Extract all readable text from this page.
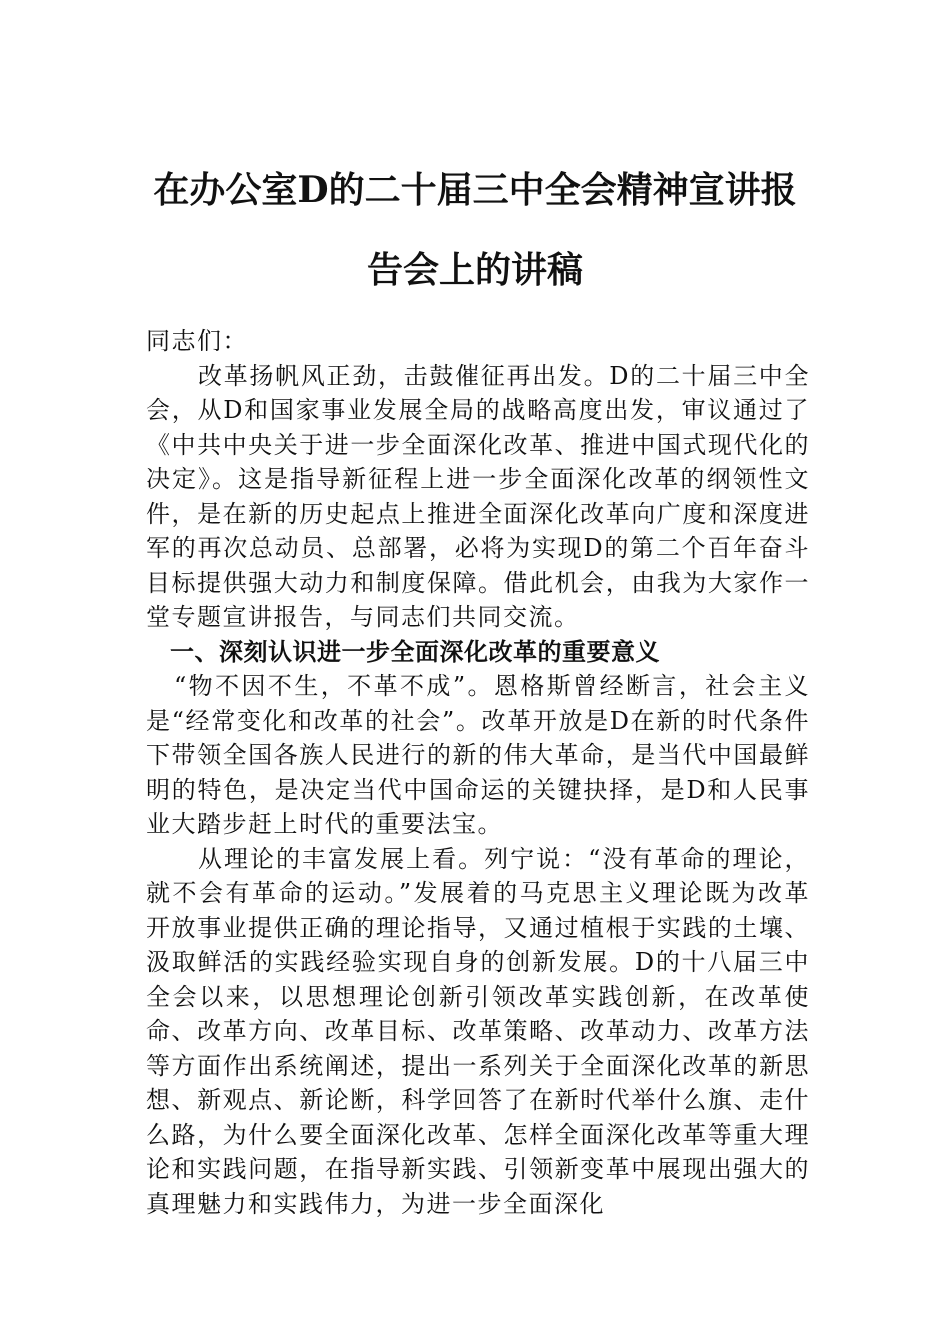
在办公室D的二十届三中全会精神宣讲报
告会上的讲稿

同志们：

改革扬帆风正劲，击鼓催征再出发。D的二十届三中全会，从D和国家事业发展全局的战略高度出发，审议通过了《中共中央关于进一步全面深化改革、推进中国式现代化的决定》。这是指导新征程上进一步全面深化改革的纲领性文件，是在新的历史起点上推进全面深化改革向广度和深度进军的再次总动员、总部署，必将为实现D的第二个百年奋斗目标提供强大动力和制度保障。借此机会，由我为大家作一堂专题宣讲报告，与同志们共同交流。

一、深刻认识进一步全面深化改革的重要意义

“物不因不生，不革不成”。恩格斯曾经断言，社会主义是“经常变化和改革的社会”。改革开放是D在新的时代条件下带领全国各族人民进行的新的伟大革命，是当代中国最鲜明的特色，是决定当代中国命运的关键抉择，是D和人民事业大踏步赶上时代的重要法宝。

从理论的丰富发展上看。列宁说：“没有革命的理论，就不会有革命的运动。”发展着的马克思主义理论既为改革开放事业提供正确的理论指导，又通过植根于实践的土壤、汲取鲜活的实践经验实现自身的创新发展。D的十八届三中全会以来，以思想理论创新引领改革实践创新，在改革使命、改革方向、改革目标、改革策略、改革动力、改革方法等方面作出系统阐述，提出一系列关于全面深化改革的新思想、新观点、新论断，科学回答了在新时代举什么旗、走什么路，为什么要全面深化改革、怎样全面深化改革等重大理论和实践问题，在指导新实践、引领新变革中展现出强大的真理魅力和实践伟力，为进一步全面深化
